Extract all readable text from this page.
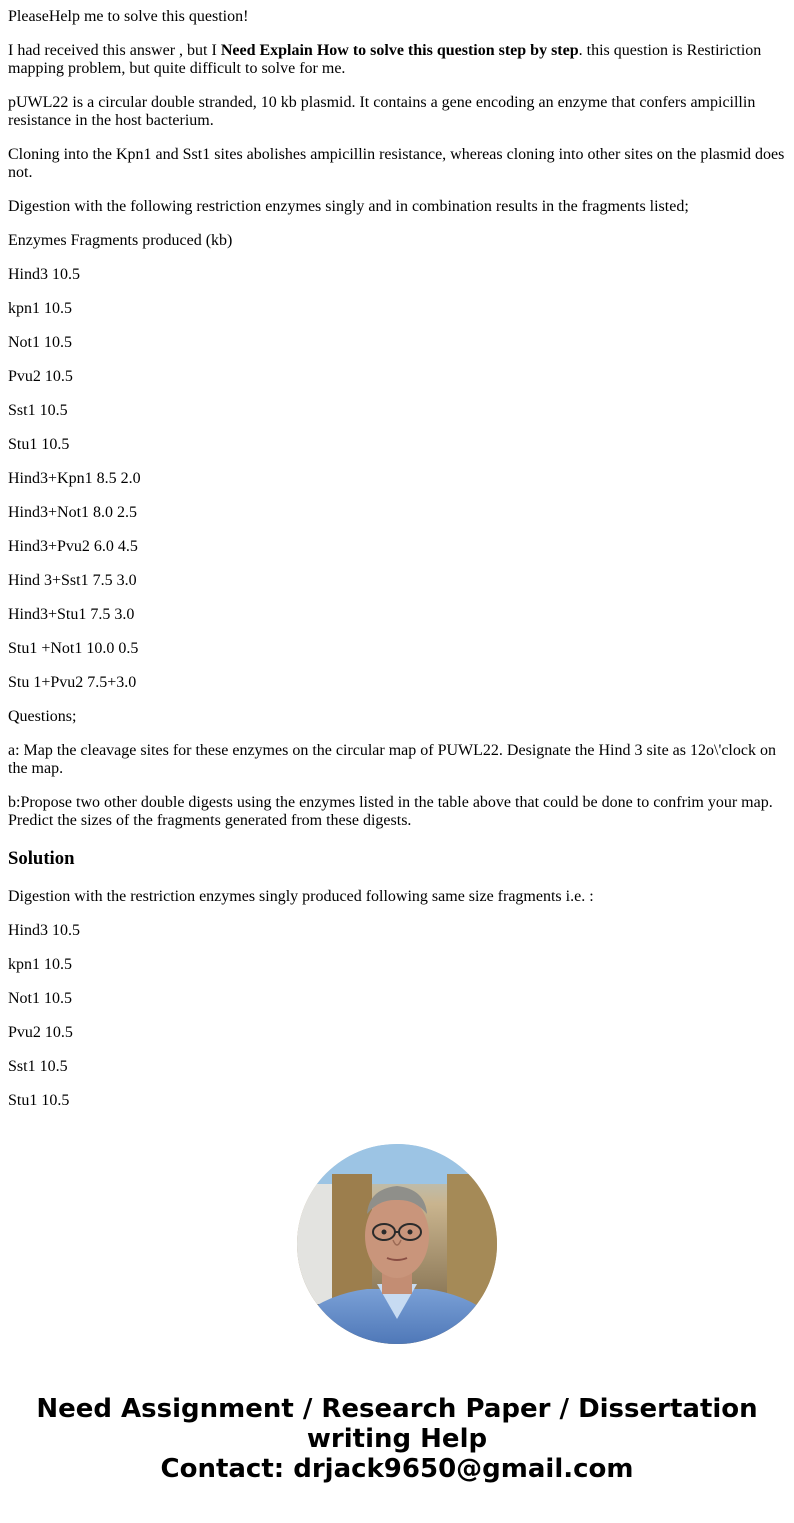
PleaseHelp me to solve this question!

I had received this answer , but I Need Explain How to solve this question step by step. this question is Restiriction mapping problem, but quite difficult to solve for me.

pUWL22 is a circular double stranded, 10 kb plasmid. It contains a gene encoding an enzyme that confers ampicillin resistance in the host bacterium.

Cloning into the Kpn1 and Sst1 sites abolishes ampicillin resistance, whereas cloning into other sites on the plasmid does not.

Digestion with the following restriction enzymes singly and in combination results in the fragments listed;

Enzymes Fragments produced (kb)

Hind3 10.5

kpn1 10.5

Not1 10.5

Pvu2 10.5

Sst1 10.5

Stu1 10.5

Hind3+Kpn1 8.5 2.0

Hind3+Not1 8.0 2.5

Hind3+Pvu2 6.0 4.5

Hind 3+Sst1 7.5 3.0

Hind3+Stu1 7.5 3.0

Stu1 +Not1 10.0 0.5

Stu 1+Pvu2 7.5+3.0

Questions;

a: Map the cleavage sites for these enzymes on the circular map of PUWL22. Designate the Hind 3 site as 12o\'clock on the map.

b:Propose two other double digests using the enzymes listed in the table above that could be done to confrim your map. Predict the sizes of the fragments generated from these digests.

Solution

Digestion with the restriction enzymes singly produced following same size fragments i.e. :

Hind3 10.5

kpn1 10.5

Not1 10.5

Pvu2 10.5

Sst1 10.5

Stu1 10.5

Need Assignment / Research Paper / Dissertation writing Help
Contact: drjack9650@gmail.com
